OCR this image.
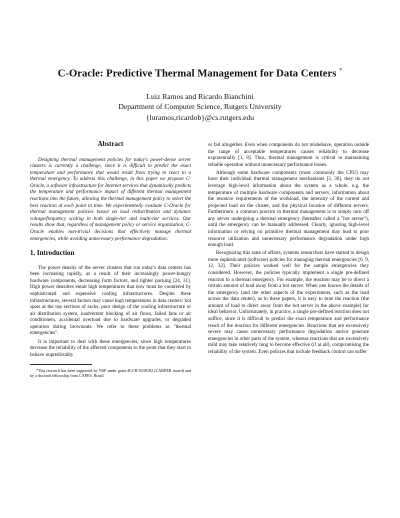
C-Oracle: Predictive Thermal Management for Data Centers *
Luiz Ramos and Ricardo Bianchini
Department of Computer Science, Rutgers University
{luramos,ricardob}@cs.rutgers.edu
Abstract

Designing thermal management policies for today's power-dense server clusters is currently a challenge, since it is difficult to predict the exact temperature and performance that would result from trying to react to a thermal emergency. To address this challenge, in this paper we propose C-Oracle, a software infrastructure for Internet services that dynamically predicts the temperature and performance impact of different thermal management reactions into the future, allowing the thermal management policy to select the best reaction at each point in time. We experimentally evaluate C-Oracle for thermal management policies based on load redistribution and dynamic voltage/frequency scaling in both single-tier and multi-tier services. Our results show that, regardless of management policy or service organization, C-Oracle enables non-trivial decisions that effectively manage thermal emergencies, while avoiding unnecessary performance degradation.

1. Introduction

The power density of the server clusters that run today's data centers has been increasing rapidly, as a result of their increasingly power-hungry hardware components, decreasing form factors, and tighter packing [24, 31]. High power densities entail high temperatures that now must be countered by sophisticated and expensive cooling infrastructures. Despite these infrastructures, several factors may cause high temperatures in data centers: hot spots at the top sections of racks, poor design of the cooling infrastructure or air distribution system, inadvertent blocking of air flows, failed fans or air conditioners, accidental overload due to hardware upgrades, or degraded operation during brownouts. We refer to these problems as "thermal emergencies".

It is important to deal with these emergencies, since high temperatures decrease the reliability of the affected components to the point that they start to behave unpredictably

*This research has been supported by NSF under grant #CCR-0238182 (CAREER award) and by a doctoral fellowship from CAPES, Brazil.

or fail altogether. Even when components do not misbehave, operation outside the range of acceptable temperatures causes reliability to decrease exponentially [1, 8]. Thus, thermal management is critical in maintaining reliable operation without unnecessary performance losses.

Although some hardware components (most commonly the CPU) may have their individual thermal management mechanisms [3, 30], they do not leverage high-level information about the system as a whole, e.g. the temperature of multiple hardware components and servers, information about the resource requirements of the workload, the intensity of the current and projected load on the cluster, and the physical location of different servers. Furthermore, a common practice in thermal management is to simply turn off any server undergoing a thermal emergency (hereafter called a "hot server"), until the emergency can be manually addressed. Clearly, ignoring high-level information or relying on primitive thermal management may lead to poor resource utilization and unnecessary performance degradation under high enough load.

Recognizing this state of affairs, systems researchers have started to design more sophisticated (software) policies for managing thermal emergencies [6, 9, 12, 32]. Their policies worked well for the sample emergencies they considered. However, the policies typically implement a single pre-defined reaction to a thermal emergency. For example, the reaction may be to direct a certain amount of load away from a hot server. When one knows the details of the emergency (and the other aspects of the experiments, such as the load across the data center), as in these papers, it is easy to tune the reaction (the amount of load to direct away from the hot server in the above example) for ideal behavior. Unfortunately, in practice, a single pre-defined reaction does not suffice, since it is difficult to predict the exact temperature and performance result of the reaction for different emergencies. Reactions that are excessively severe may cause unnecessary performance degradation and/or generate emergencies in other parts of the system, whereas reactions that are excessively mild may take relatively long to become effective (if at all), compromising the reliability of the system. Even policies that include feedback control can suffer
